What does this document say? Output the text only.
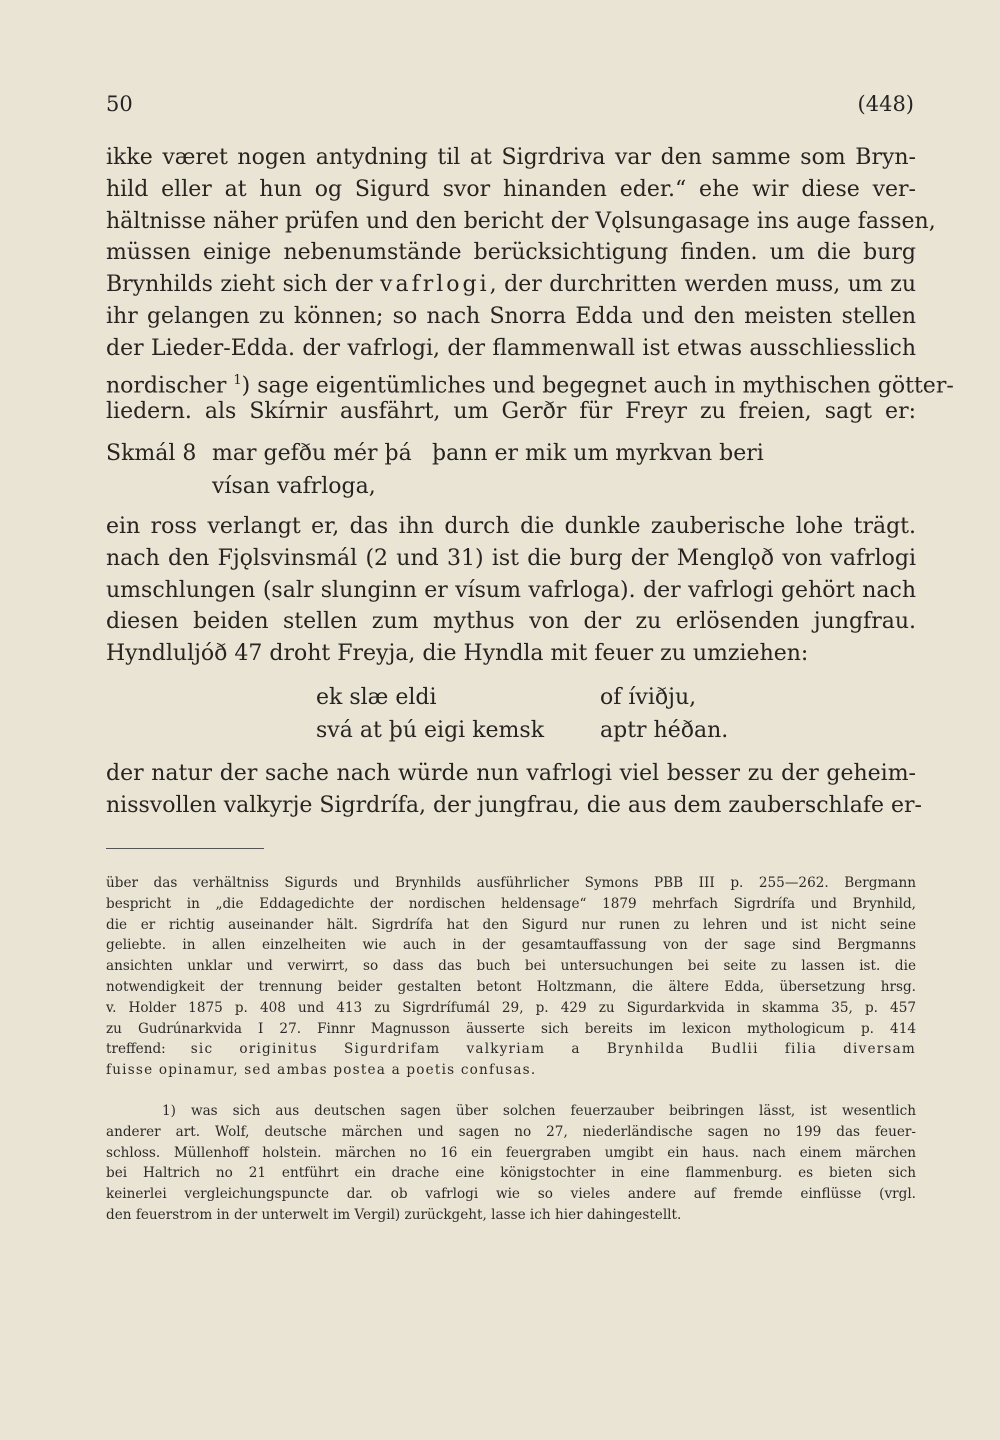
50	(448)
ikke været nogen antydning til at Sigrdriva var den samme som Bryn-
hild eller at hun og Sigurd svor hinanden eder.“ ehe wir diese ver-
hältnisse näher prüfen und den bericht der Vǫlsungasage ins auge fassen,
müssen einige nebenumstände berücksichtigung finden. um die burg
Brynhilds zieht sich der vafrlogi, der durchritten werden muss, um zu
ihr gelangen zu können; so nach Snorra Edda und den meisten stellen
der Lieder-Edda. der vafrlogi, der flammenwall ist etwas ausschliesslich
nordischer $^1$) sage eigentümliches und begegnet auch in mythischen götter-
liedern. als Skírnir ausfährt, um Gerðr für Freyr zu freien, sagt er:
Skmál 8 mar gefðu mér þá þann er mik um myrkvan beri
vísan vafrloga,
ein ross verlangt er, das ihn durch die dunkle zauberische lohe trägt.
nach den Fjǫlsvinsmál (2 und 31) ist die burg der Menglǫð von vafrlogi
umschlungen (salr slunginn er vísum vafrloga). der vafrlogi gehört nach
diesen beiden stellen zum mythus von der zu erlösenden jungfrau.
Hyndluljóð 47 droht Freyja, die Hyndla mit feuer zu umziehen:
ek slæ eldi	of íviðju,
svá at þú eigi kemsk	aptr héðan.
der natur der sache nach würde nun vafrlogi viel besser zu der geheim-
nissvollen valkyrje Sigrdrífa, der jungfrau, die aus dem zauberschlafe er-
über das verhältniss Sigurds und Brynhilds ausführlicher Symons PBB III p. 255—262. Bergmann
bespricht in „die Eddagedichte der nordischen heldensage“ 1879 mehrfach Sigrdrífa und Brynhild,
die er richtig auseinander hält. Sigrdrífa hat den Sigurd nur runen zu lehren und ist nicht seine
geliebte. in allen einzelheiten wie auch in der gesamtauffassung von der sage sind Bergmanns
ansichten unklar und verwirrt, so dass das buch bei untersuchungen bei seite zu lassen ist. die
notwendigkeit der trennung beider gestalten betont Holtzmann, die ältere Edda, übersetzung hrsg.
v. Holder 1875 p. 408 und 413 zu Sigrdrífumál 29, p. 429 zu Sigurdarkvida in skamma 35, p. 457
zu Gudrúnarkvida I 27. Finnr Magnusson äusserte sich bereits im lexicon mythologicum p. 414
treffend: sic originitus Sigurdrifam valkyriam a Brynhilda Budlii filia diversam
fuisse opinamur, sed ambas postea a poetis confusas.
1) was sich aus deutschen sagen über solchen feuerzauber beibringen lässt, ist wesentlich
anderer art. Wolf, deutsche märchen und sagen no 27, niederländische sagen no 199 das feuer-
schloss. Müllenhoff holstein. märchen no 16 ein feuergraben umgibt ein haus. nach einem märchen
bei Haltrich no 21 entführt ein drache eine königstochter in eine flammenburg. es bieten sich
keinerlei vergleichungspuncte dar. ob vafrlogi wie so vieles andere auf fremde einflüsse (vrgl.
den feuerstrom in der unterwelt im Vergil) zurückgeht, lasse ich hier dahingestellt.
